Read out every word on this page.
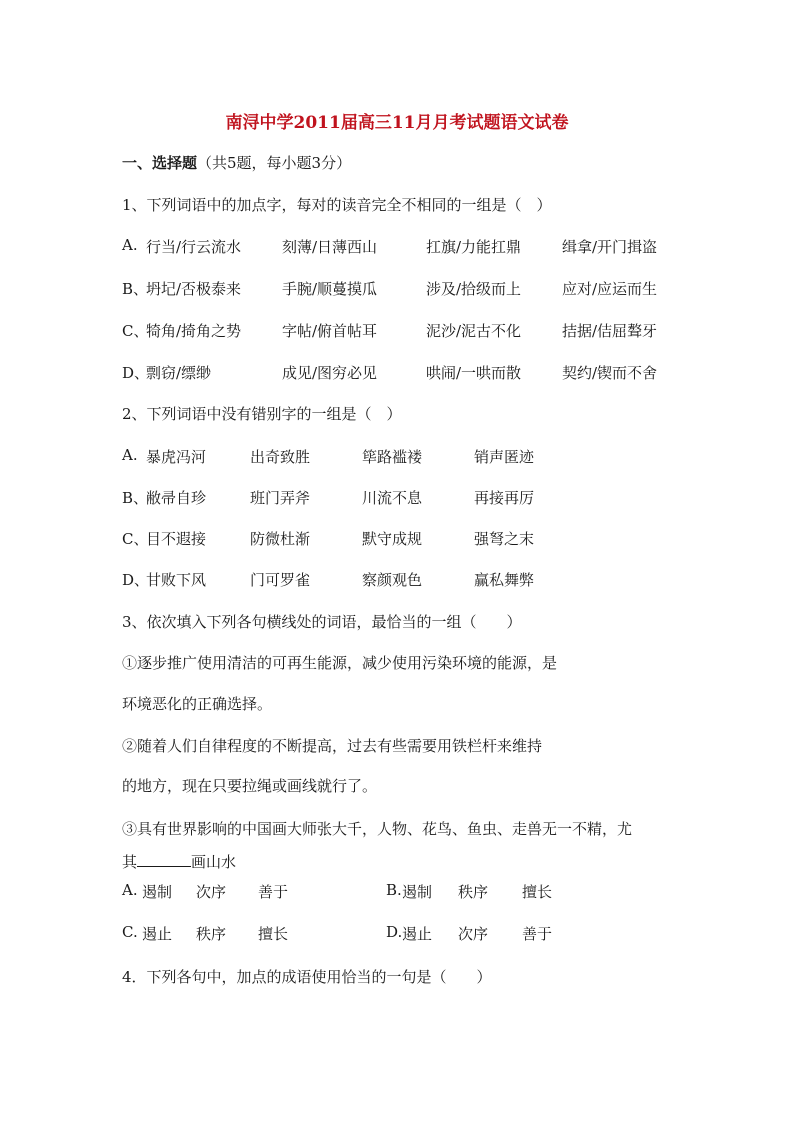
南浔中学2011届高三11月月考试题语文试卷
一、选择题（共5题，每小题3分）
1、下列词语中的加点字，每对的读音完全不相同的一组是（　）
A. 行当/行云流水	刻薄/日薄西山	扛旗/力能扛鼎	缉拿/开门揖盗
B、
坍圮/否极泰来	手腕/顺蔓摸瓜	涉及/拾级而上	应对/应运而生
C、
犄角/掎角之势	字帖/俯首帖耳	泥沙/泥古不化	拮据/佶屈聱牙
D、
剽窃/缥缈	成见/图穷必见	哄闹/一哄而散	契约/锲而不舍
2、下列词语中没有错别字的一组是（　）
A. 暴虎冯河	出奇致胜	筚路褴褛	销声匿迹
B、
敝帚自珍	班门弄斧	川流不息	再接再厉
C、
目不遐接	防微杜渐	默守成规	强弩之末
D、
甘败下风	门可罗雀	察颜观色	赢私舞弊
3、依次填入下列各句横线处的词语，最恰当的一组（　　）
①逐步推广使用清洁的可再生能源，减少使用污染环境的能源，是
环境恶化的正确选择。
②随着人们自律程度的不断提高，过去有些需要用铁栏杆来维持
的地方，现在只要拉绳或画线就行了。
③具有世界影响的中国画大师张大千，人物、花鸟、鱼虫、走兽无一不精，尤
其	画山水
A. 遏制 次序 善于	B. 遏制 秩序 擅长
C. 遏止 秩序 擅长	D. 遏止 次序 善于
4．下列各句中，加点的成语使用恰当的一句是（　　）
